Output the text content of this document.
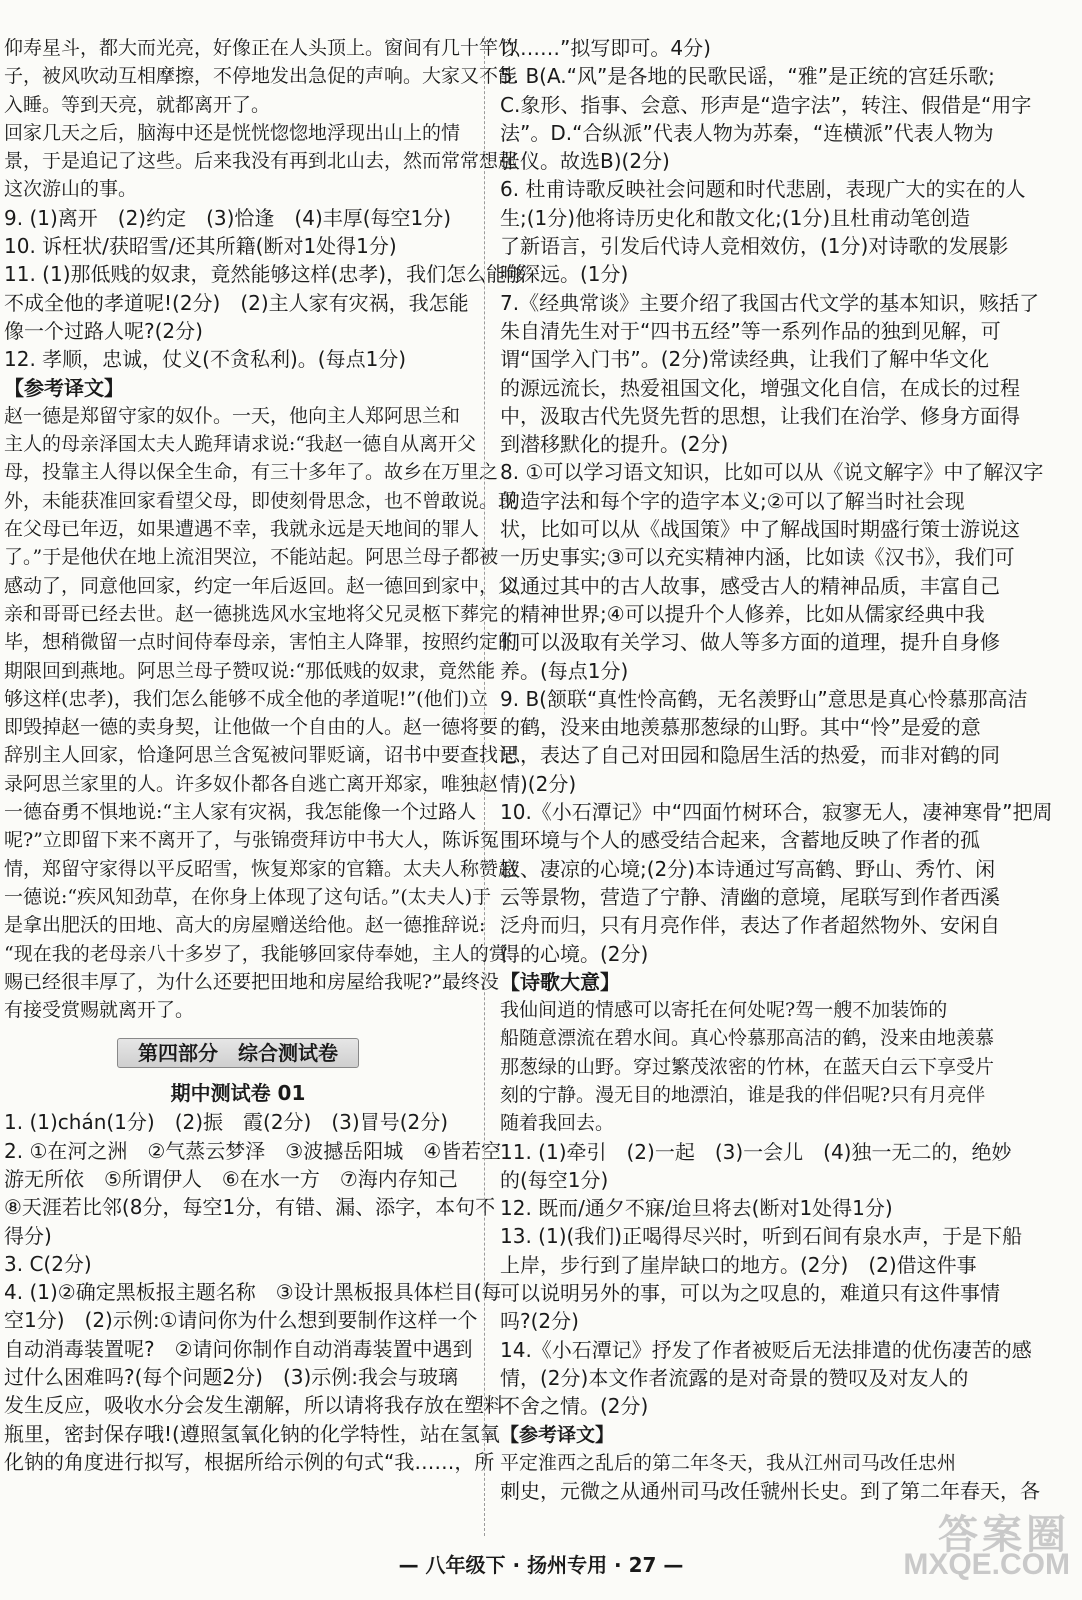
仰寿星斗，都大而光亮，好像正在人头顶上。窗间有几十竿竹
子，被风吹动互相摩擦，不停地发出急促的声响。大家又不能
入睡。等到天亮，就都离开了。
回家几天之后，脑海中还是恍恍惚惚地浮现出山上的情
景，于是追记了这些。后来我没有再到北山去，然而常常想起
这次游山的事。
9. (1)离开　(2)约定　(3)恰逢　(4)丰厚(每空1分)
10. 诉枉状/获昭雪/还其所籍(断对1处得1分)
11. (1)那低贱的奴隶，竟然能够这样(忠孝)，我们怎么能够
不成全他的孝道呢!(2分)　(2)主人家有灾祸，我怎能
像一个过路人呢?(2分)
12. 孝顺，忠诚，仗义(不贪私利)。(每点1分)
【参考译文】
赵一德是郑留守家的奴仆。一天，他向主人郑阿思兰和
主人的母亲泽国太夫人跪拜请求说:“我赵一德自从离开父
母，投靠主人得以保全生命，有三十多年了。故乡在万里之
外，未能获准回家看望父母，即使刻骨思念，也不曾敢说。现
在父母已年迈，如果遭遇不幸，我就永远是天地间的罪人
了。”于是他伏在地上流泪哭泣，不能站起。阿思兰母子都被
感动了，同意他回家，约定一年后返回。赵一德回到家中，父
亲和哥哥已经去世。赵一德挑选风水宝地将父兄灵柩下葬完
毕，想稍微留一点时间侍奉母亲，害怕主人降罪，按照约定的
期限回到燕地。阿思兰母子赞叹说:“那低贱的奴隶，竟然能
够这样(忠孝)，我们怎么能够不成全他的孝道呢!”(他们)立
即毁掉赵一德的卖身契，让他做一个自由的人。赵一德将要
辞别主人回家，恰逢阿思兰含冤被问罪贬谪，诏书中要查找记
录阿思兰家里的人。许多奴仆都各自逃亡离开郑家，唯独赵
一德奋勇不惧地说:“主人家有灾祸，我怎能像一个过路人
呢?”立即留下来不离开了，与张锦赍拜访中书大人，陈诉冤
情，郑留守家得以平反昭雪，恢复郑家的官籍。太夫人称赞赵
一德说:“疾风知劲草，在你身上体现了这句话。”(太夫人)于
是拿出肥沃的田地、高大的房屋赠送给他。赵一德推辞说:
“现在我的老母亲八十多岁了，我能够回家侍奉她，主人的赏
赐已经很丰厚了，为什么还要把田地和房屋给我呢?”最终没
有接受赏赐就离开了。
第四部分　综合测试卷
期中测试卷 01
1. (1)chán(1分)　(2)振　霞(2分)　(3)冒号(2分)
2. ①在河之洲　②气蒸云梦泽　③波撼岳阳城　④皆若空
游无所依　⑤所谓伊人　⑥在水一方　⑦海内存知己
⑧天涯若比邻(8分，每空1分，有错、漏、添字，本句不
得分)
3. C(2分)
4. (1)②确定黑板报主题名称　③设计黑板报具体栏目(每
空1分)　(2)示例:①请问你为什么想到要制作这样一个
自动消毒装置呢?　②请问你制作自动消毒装置中遇到
过什么困难吗?(每个问题2分)　(3)示例:我会与玻璃
发生反应，吸收水分会发生潮解，所以请将我存放在塑料
瓶里，密封保存哦!(遵照氢氧化钠的化学特性，站在氢氧
化钠的角度进行拟写，根据所给示例的句式“我……，所
以……”拟写即可。4分)
5. B(A.“风”是各地的民歌民谣，“雅”是正统的宫廷乐歌;
C.象形、指事、会意、形声是“造字法”，转注、假借是“用字
法”。D.“合纵派”代表人物为苏秦，“连横派”代表人物为
张仪。故选B)(2分)
6. 杜甫诗歌反映社会问题和时代悲剧，表现广大的实在的人
生;(1分)他将诗历史化和散文化;(1分)且杜甫动笔创造
了新语言，引发后代诗人竞相效仿，(1分)对诗歌的发展影
响深远。(1分)
7.《经典常谈》主要介绍了我国古代文学的基本知识，赅括了
朱自清先生对于“四书五经”等一系列作品的独到见解，可
谓“国学入门书”。(2分)常读经典，让我们了解中华文化
的源远流长，热爱祖国文化，增强文化自信，在成长的过程
中，汲取古代先贤先哲的思想，让我们在治学、修身方面得
到潜移默化的提升。(2分)
8. ①可以学习语文知识，比如可以从《说文解字》中了解汉字
的造字法和每个字的造字本义;②可以了解当时社会现
状，比如可以从《战国策》中了解战国时期盛行策士游说这
一历史事实;③可以充实精神内涵，比如读《汉书》，我们可
以通过其中的古人故事，感受古人的精神品质，丰富自己
的精神世界;④可以提升个人修养，比如从儒家经典中我
们可以汲取有关学习、做人等多方面的道理，提升自身修
养。(每点1分)
9. B(颔联“真性怜高鹤，无名羡野山”意思是真心怜慕那高洁
的鹤，没来由地羡慕那葱绿的山野。其中“怜”是爱的意
思，表达了自己对田园和隐居生活的热爱，而非对鹤的同
情)(2分)
10.《小石潭记》中“四面竹树环合，寂寥无人，凄神寒骨”把周
围环境与个人的感受结合起来，含蓄地反映了作者的孤
寂、凄凉的心境;(2分)本诗通过写高鹤、野山、秀竹、闲
云等景物，营造了宁静、清幽的意境，尾联写到作者西溪
泛舟而归，只有月亮作伴，表达了作者超然物外、安闲自
得的心境。(2分)
【诗歌大意】
我仙间逍的情感可以寄托在何处呢?驾一艘不加装饰的
船随意漂流在碧水间。真心怜慕那高洁的鹤，没来由地羡慕
那葱绿的山野。穿过繁茂浓密的竹林，在蓝天白云下享受片
刻的宁静。漫无目的地漂泊，谁是我的伴侣呢?只有月亮伴
随着我回去。
11. (1)牵引　(2)一起　(3)一会儿　(4)独一无二的，绝妙
的(每空1分)
12. 既而/通夕不寐/迨旦将去(断对1处得1分)
13. (1)(我们)正喝得尽兴时，听到石间有泉水声，于是下船
上岸，步行到了崖岸缺口的地方。(2分)　(2)借这件事
可以说明另外的事，可以为之叹息的，难道只有这件事情
吗?(2分)
14.《小石潭记》抒发了作者被贬后无法排遣的优伤凄苦的感
情，(2分)本文作者流露的是对奇景的赞叹及对友人的
不舍之情。(2分)
【参考译文】
平定淮西之乱后的第二年冬天，我从江州司马改任忠州
刺史，元微之从通州司马改任虢州长史。到了第二年春天，各
— 八年级下 · 扬州专用 · 27 —
答案圈
MXQE.COM
